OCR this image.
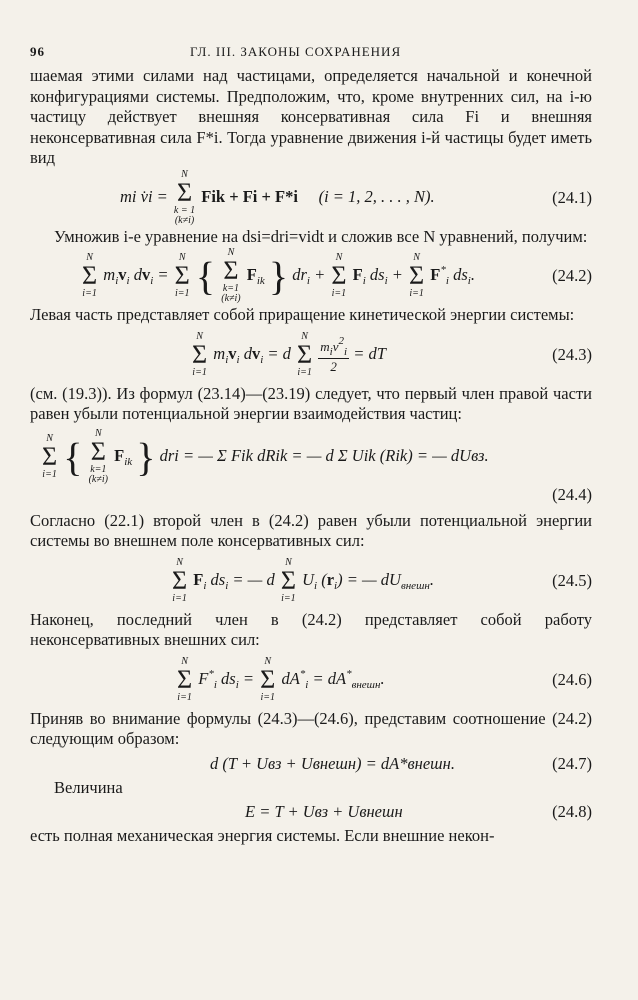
96	ГЛ. III. ЗАКОНЫ СОХРАНЕНИЯ

шаемая этими силами над частицами, определяется начальной и конечной конфигурациями системы. Предположим, что, кроме внутренних сил, на i-ю частицу действует внешняя консервативная сила Fi и внешняя неконсервативная сила F*i. Тогда уравнение движения i-й частицы будет иметь вид

mi v̇i =
N
Σ
k = 1
(k≠i)
Fik + Fi + F*i (i = 1, 2, . . . , N).	(24.1)

Умножив i-е уравнение на dsi=dri=vidt и сложив все N уравнений, получим:

N
Σ
i=1
$m_iv_i$ $dv_i$ =
N
Σ
i=1 {
N
Σ
k=1
(k≠i)
$F_{ik}$ } $dr_i$ +
N
Σ
i=1
$F_i$ $ds_i$ +
N
Σ
i=1
$F^*_i$ $ds_i$.	(24.2)

Левая часть представляет собой приращение кинетической энергии системы:

N
Σ
i=1
$m_iv_i$ $dv_i = d$
N
Σ
i=1
$\frac{m_iv^2_i}{2}$ = dT	(24.3)

(см. (19.3)). Из формул (23.14)—(23.19) следует, что первый член правой части равен убыли потенциальной энергии взаимодействия частиц:

N
Σ
i=1 {
N
Σ
k=1
(k≠i)
$F_{ik}$ } dri = — Σ Fik dRik = — d Σ Uik (Rik) = — dUвз.
(24.4)

Согласно (22.1) второй член в (24.2) равен убыли потенциальной энергии системы во внешнем поле консервативных сил:

N
Σ
i=1
$F_i$ $ds_i$ = — d
N
Σ
i=1
$U_i$ $(r_i)$ = — $dU_{внешн}$.	(24.5)

Наконец, последний член в (24.2) представляет собой работу неконсервативных внешних сил:

N
Σ
i=1
$F^*_i$ $ds_i$ =
N
Σ
i=1
$dA^*_i = dA^*_{внешн}$.	(24.6)

Приняв во внимание формулы (24.3)—(24.6), представим соотношение (24.2) следующим образом:

d (T + Uвз + Uвнешн) = dA*внешн.	(24.7)

Величина

E = T + Uвз + Uвнешн	(24.8)

есть полная механическая энергия системы. Если внешние некон-
